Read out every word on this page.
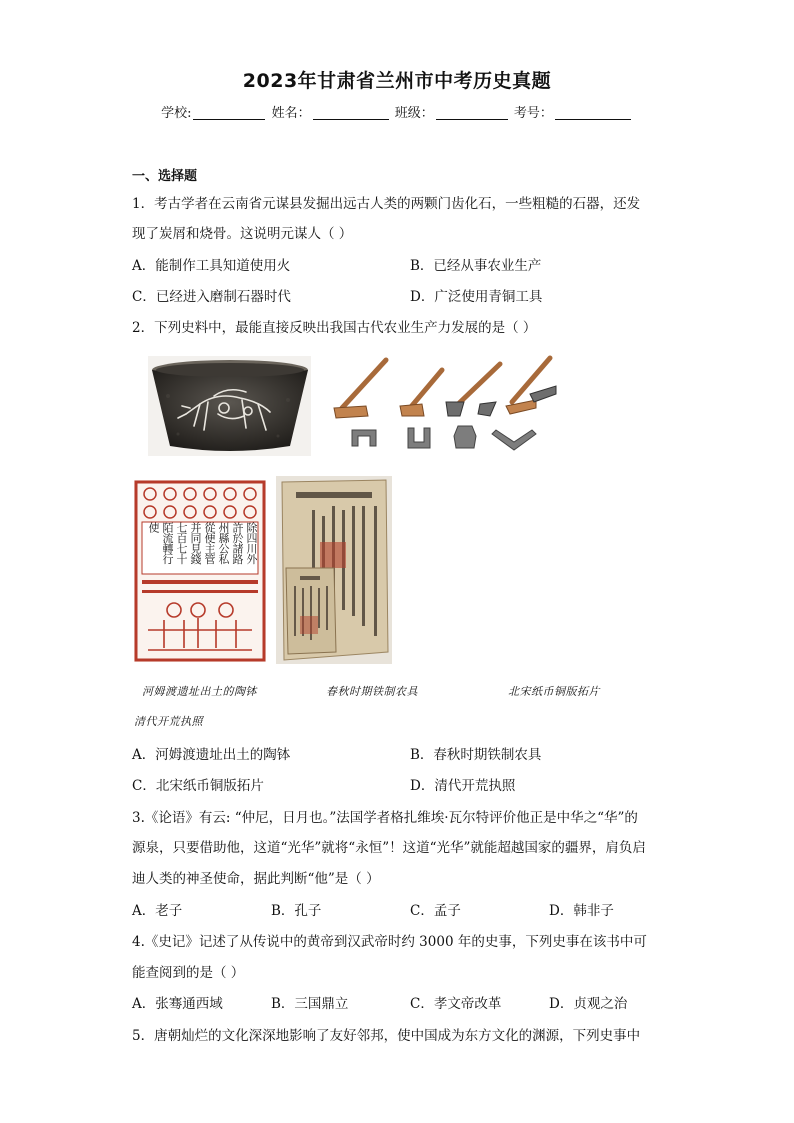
2023年甘肃省兰州市中考历史真题
学校:	姓名：	班级：	考号：
一、选择题
1．考古学者在云南省元谋县发掘出远古人类的两颗门齿化石，一些粗糙的石器，还发
现了炭屑和烧骨。这说明元谋人（ ）
A．能制作工具知道使用火	B．已经从事农业生产
C．已经进入磨制石器时代	D．广泛使用青铜工具
2．下列史料中，最能直接反映出我国古代农业生产力发展的是（ ）
除四川外許於諸路州縣公私從便主管并同見錢七百七十陌流轉行使
河姆渡遗址出土的陶钵	春秋时期铁制农具	北宋纸币铜版拓片
清代开荒执照
A．河姆渡遗址出土的陶钵	B．春秋时期铁制农具
C．北宋纸币铜版拓片	D．清代开荒执照
3.《论语》有云: “仲尼，日月也。”法国学者格扎维埃·瓦尔特评价他正是中华之“华”的
源泉，只要借助他，这道“光华”就将“永恒”！这道“光华”就能超越国家的疆界，肩负启
迪人类的神圣使命，据此判断“他”是（ ）
A．老子	B．孔子	C．孟子	D．韩非子
4.《史记》记述了从传说中的黄帝到汉武帝时约 3000 年的史事，下列史事在该书中可
能查阅到的是（ ）
A．张骞通西域	B．三国鼎立	C．孝文帝改革	D．贞观之治
5．唐朝灿烂的文化深深地影响了友好邻邦，使中国成为东方文化的渊源，下列史事中
